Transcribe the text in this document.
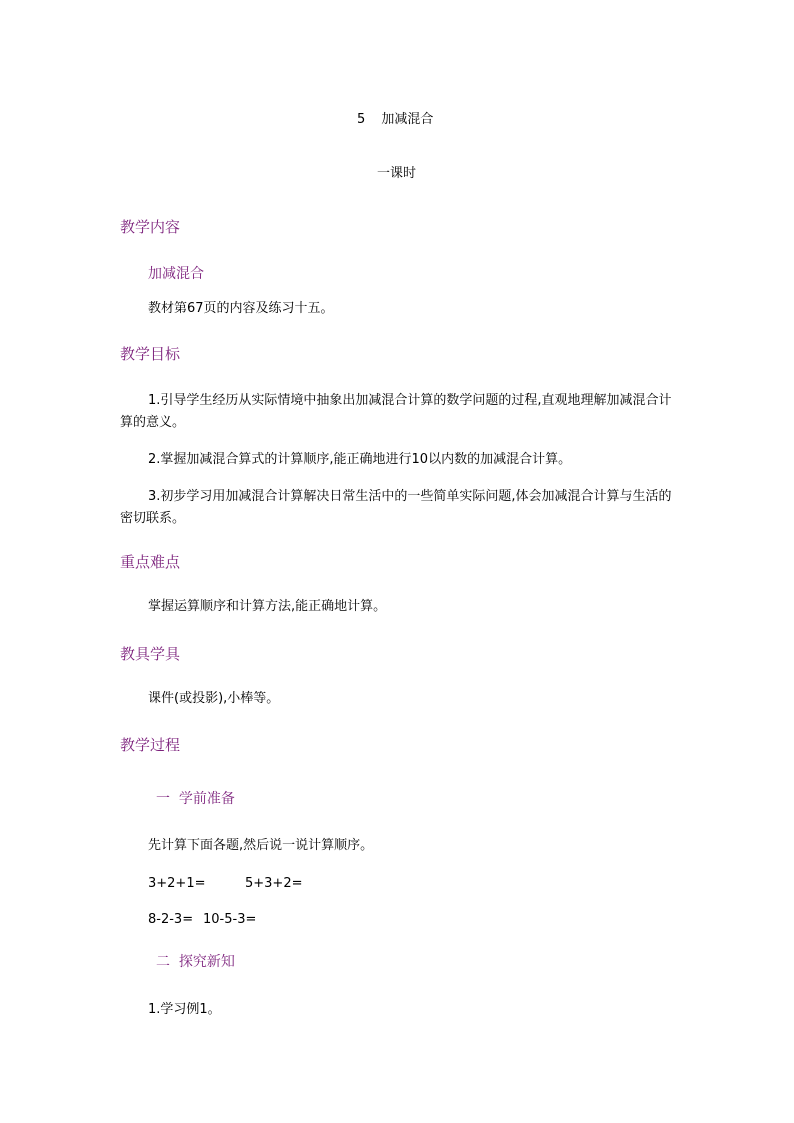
5 加减混合
一课时
教学内容
加减混合
教材第67页的内容及练习十五。
教学目标
1.引导学生经历从实际情境中抽象出加减混合计算的数学问题的过程,直观地理解加减混合计算的意义。
2.掌握加减混合算式的计算顺序,能正确地进行10以内数的加减混合计算。
3.初步学习用加减混合计算解决日常生活中的一些简单实际问题,体会加减混合计算与生活的密切联系。
重点难点
掌握运算顺序和计算方法,能正确地计算。
教具学具
课件(或投影),小棒等。
教学过程
一  学前准备
先计算下面各题,然后说一说计算顺序。
3+2+1=	5+3+2=
8-2-3= 10-5-3=
二  探究新知
1.学习例1。
